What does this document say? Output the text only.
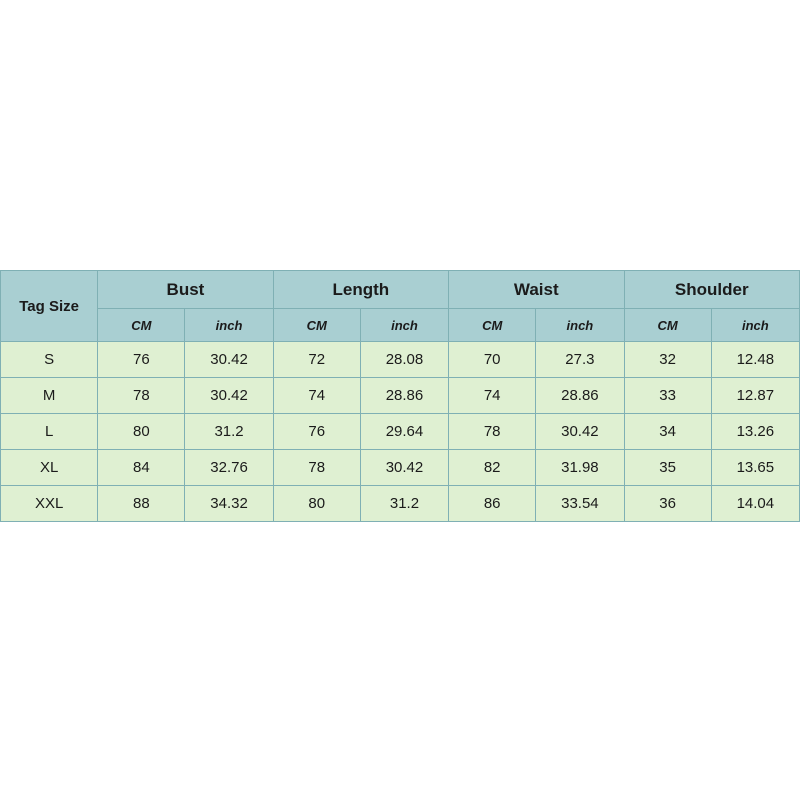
Tag Size	Bust		Length		Waist		Shoulder	
	CM	inch	CM	inch	CM	inch	CM	inch
S	76	30.42	72	28.08	70	27.3	32	12.48
M	78	30.42	74	28.86	74	28.86	33	12.87
L	80	31.2	76	29.64	78	30.42	34	13.26
XL	84	32.76	78	30.42	82	31.98	35	13.65
XXL	88	34.32	80	31.2	86	33.54	36	14.04
